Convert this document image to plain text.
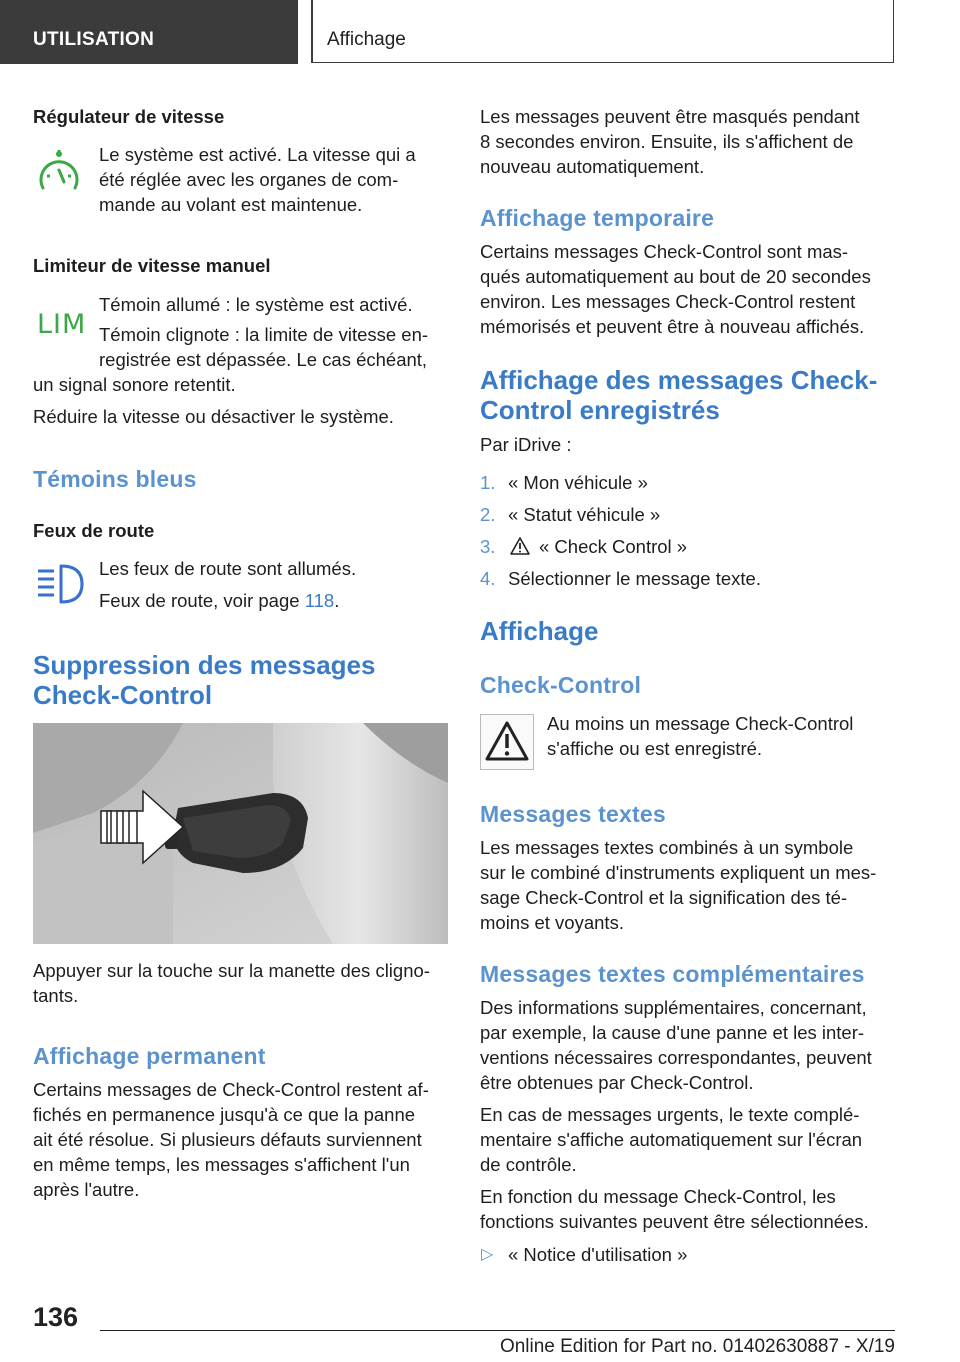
UTILISATION	Affichage
Régulateur de vitesse

Le système est activé. La vitesse qui a

été réglée avec les organes de com-

mande au volant est maintenue.

Limiteur de vitesse manuel
LIM

Témoin allumé : le système est activé.

Témoin clignote : la limite de vitesse en-

registrée est dépassée. Le cas échéant,

un signal sonore retentit.

Réduire la vitesse ou désactiver le système.

Témoins bleus
Feux de route

Les feux de route sont allumés.

Feux de route, voir page 118.

Suppression des messages
Check-Control

Appuyer sur la touche sur la manette des cligno-

tants.

Affichage permanent

Certains messages de Check-Control restent af-

fichés en permanence jusqu'à ce que la panne

ait été résolue. Si plusieurs défauts surviennent

en même temps, les messages s'affichent l'un

après l'autre.

Les messages peuvent être masqués pendant

8 secondes environ. Ensuite, ils s'affichent de

nouveau automatiquement.

Affichage temporaire

Certains messages Check-Control sont mas-

qués automatiquement au bout de 20 secondes

environ. Les messages Check-Control restent

mémorisés et peuvent être à nouveau affichés.

Affichage des messages Check-
Control enregistrés

Par iDrive :

1. « Mon véhicule »

2. « Statut véhicule »

3. « Check Control »

4. Sélectionner le message texte.

Affichage
Check-Control

Au moins un message Check-Control

s'affiche ou est enregistré.

Messages textes

Les messages textes combinés à un symbole

sur le combiné d'instruments expliquent un mes-

sage Check-Control et la signification des té-

moins et voyants.

Messages textes complémentaires

Des informations supplémentaires, concernant,

par exemple, la cause d'une panne et les inter-

ventions nécessaires correspondantes, peuvent

être obtenues par Check-Control.

En cas de messages urgents, le texte complé-

mentaire s'affiche automatiquement sur l'écran

de contrôle.

En fonction du message Check-Control, les

fonctions suivantes peuvent être sélectionnées.

▷ « Notice d'utilisation »

136
Online Edition for Part no. 01402630887 - X/19
